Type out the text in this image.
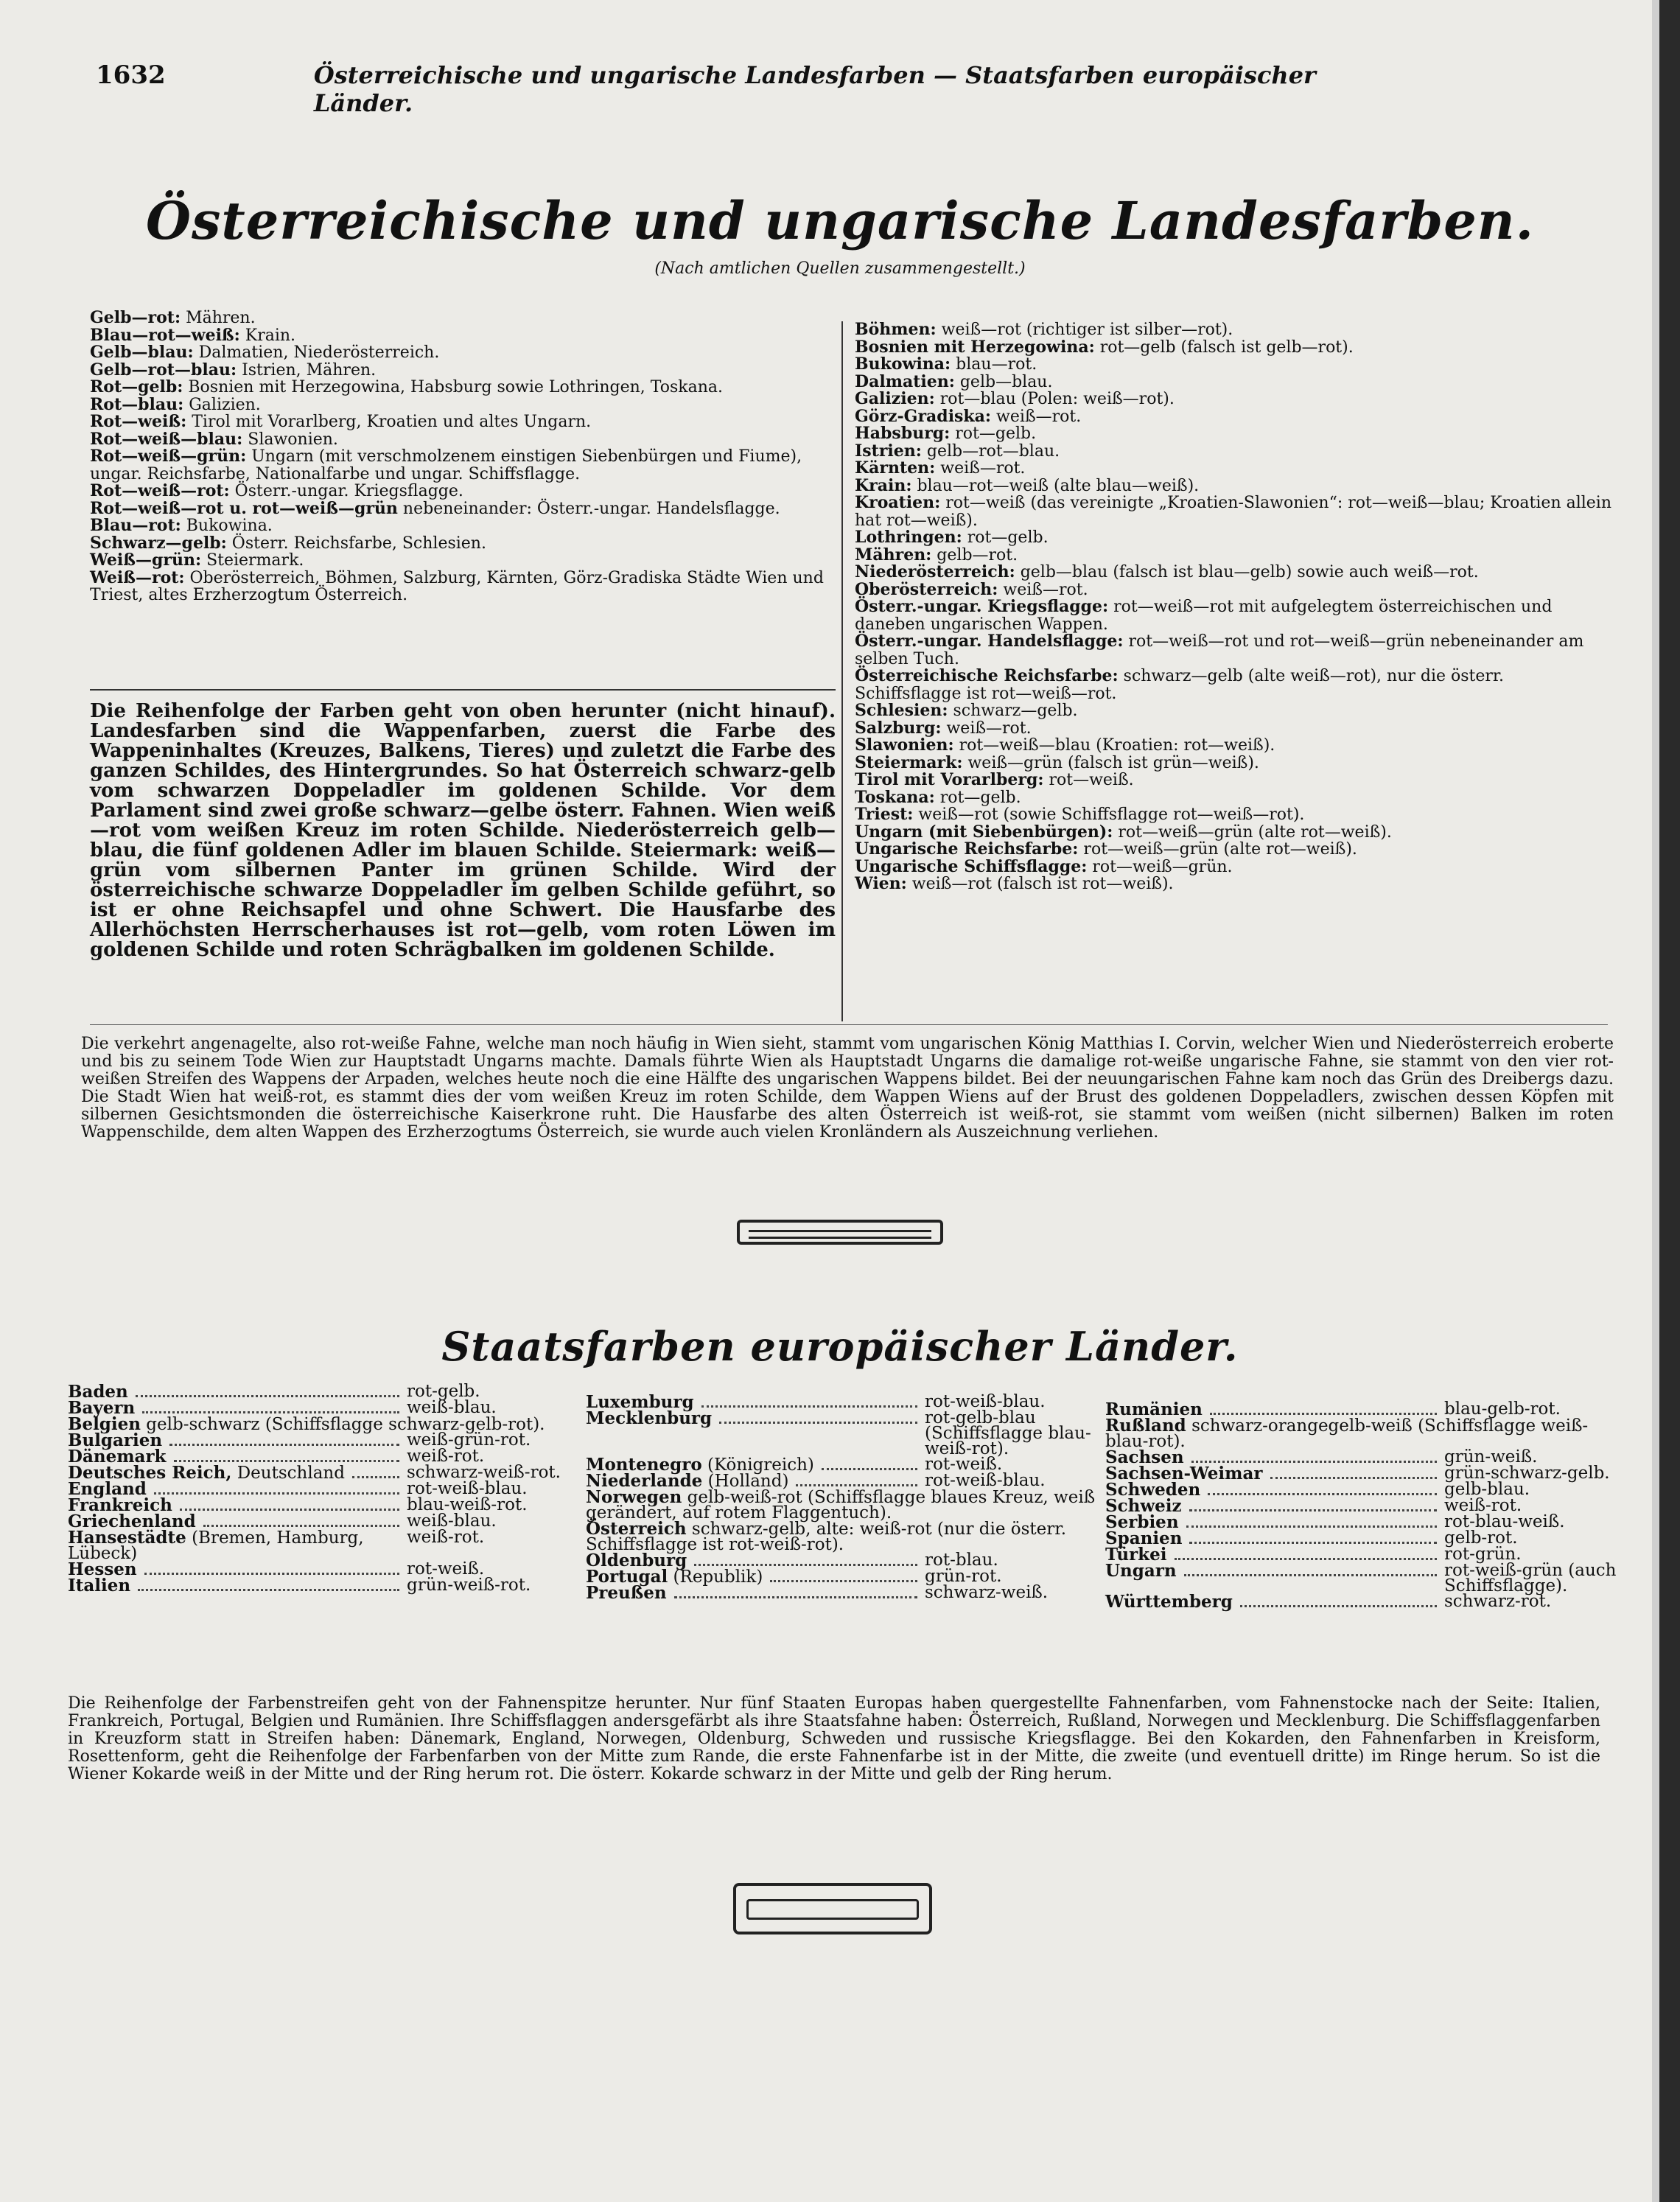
1632	Österreichische und ungarische Landesfarben — Staatsfarben europäischer Länder.
Österreichische und ungarische Landesfarben.
(Nach amtlichen Quellen zusammengestellt.)

Gelb—rot: Mähren.

Blau—rot—weiß: Krain.

Gelb—blau: Dalmatien, Niederösterreich.

Gelb—rot—blau: Istrien, Mähren.

Rot—gelb: Bosnien mit Herzegowina, Habsburg sowie Lothringen, Toskana.

Rot—blau: Galizien.

Rot—weiß: Tirol mit Vorarlberg, Kroatien und altes Ungarn.

Rot—weiß—blau: Slawonien.

Rot—weiß—grün: Ungarn (mit verschmolzenem einstigen Siebenbürgen und Fiume), ungar. Reichsfarbe, Nationalfarbe und ungar. Schiffsflagge.

Rot—weiß—rot: Österr.-ungar. Kriegsflagge.

Rot—weiß—rot u. rot—weiß—grün nebeneinander: Österr.-ungar. Handelsflagge.

Blau—rot: Bukowina.

Schwarz—gelb: Österr. Reichsfarbe, Schlesien.

Weiß—grün: Steiermark.

Weiß—rot: Oberösterreich, Böhmen, Salzburg, Kärnten, Görz-Gradiska Städte Wien und Triest, altes Erzherzogtum Österreich.

Böhmen: weiß—rot (richtiger ist silber—rot).

Bosnien mit Herzegowina: rot—gelb (falsch ist gelb—rot).

Bukowina: blau—rot.

Dalmatien: gelb—blau.

Galizien: rot—blau (Polen: weiß—rot).

Görz-Gradiska: weiß—rot.

Habsburg: rot—gelb.

Istrien: gelb—rot—blau.

Kärnten: weiß—rot.

Krain: blau—rot—weiß (alte blau—weiß).

Kroatien: rot—weiß (das vereinigte „Kroatien-Slawonien“: rot—weiß—blau; Kroatien allein hat rot—weiß).

Lothringen: rot—gelb.

Mähren: gelb—rot.

Niederösterreich: gelb—blau (falsch ist blau—gelb) sowie auch weiß—rot.

Oberösterreich: weiß—rot.

Österr.-ungar. Kriegsflagge: rot—weiß—rot mit aufgelegtem österreichischen und daneben ungarischen Wappen.

Österr.-ungar. Handelsflagge: rot—weiß—rot und rot—weiß—grün nebeneinander am selben Tuch.

Österreichische Reichsfarbe: schwarz—gelb (alte weiß—rot), nur die österr. Schiffsflagge ist rot—weiß—rot.

Schlesien: schwarz—gelb.

Salzburg: weiß—rot.

Slawonien: rot—weiß—blau (Kroatien: rot—weiß).

Steiermark: weiß—grün (falsch ist grün—weiß).

Tirol mit Vorarlberg: rot—weiß.

Toskana: rot—gelb.

Triest: weiß—rot (sowie Schiffsflagge rot—weiß—rot).

Ungarn (mit Siebenbürgen): rot—weiß—grün (alte rot—weiß).

Ungarische Reichsfarbe: rot—weiß—grün (alte rot—weiß).

Ungarische Schiffsflagge: rot—weiß—grün.

Wien: weiß—rot (falsch ist rot—weiß).

Die Reihenfolge der Farben geht von oben herunter (nicht hinauf). Landesfarben sind die Wappenfarben, zuerst die Farbe des Wappeninhaltes (Kreuzes, Balkens, Tieres) und zuletzt die Farbe des ganzen Schildes, des Hintergrundes. So hat Österreich schwarz-gelb vom schwarzen Doppeladler im goldenen Schilde. Vor dem Parlament sind zwei große schwarz—gelbe österr. Fahnen. Wien weiß—rot vom weißen Kreuz im roten Schilde. Niederösterreich gelb—blau, die fünf goldenen Adler im blauen Schilde. Steiermark: weiß—grün vom silbernen Panter im grünen Schilde. Wird der österreichische schwarze Doppeladler im gelben Schilde geführt, so ist er ohne Reichsapfel und ohne Schwert. Die Hausfarbe des Allerhöchsten Herrscherhauses ist rot—gelb, vom roten Löwen im goldenen Schilde und roten Schrägbalken im goldenen Schilde.
Die verkehrt angenagelte, also rot-weiße Fahne, welche man noch häufig in Wien sieht, stammt vom ungarischen König Matthias I. Corvin, welcher Wien und Niederösterreich eroberte und bis zu seinem Tode Wien zur Hauptstadt Ungarns machte. Damals führte Wien als Hauptstadt Ungarns die damalige rot-weiße ungarische Fahne, sie stammt von den vier rot-weißen Streifen des Wappens der Arpaden, welches heute noch die eine Hälfte des ungarischen Wappens bildet. Bei der neuungarischen Fahne kam noch das Grün des Dreibergs dazu. Die Stadt Wien hat weiß-rot, es stammt dies der vom weißen Kreuz im roten Schilde, dem Wappen Wiens auf der Brust des goldenen Doppeladlers, zwischen dessen Köpfen mit silbernen Gesichtsmonden die österreichische Kaiserkrone ruht. Die Hausfarbe des alten Österreich ist weiß-rot, sie stammt vom weißen (nicht silbernen) Balken im roten Wappenschilde, dem alten Wappen des Erzherzogtums Österreich, sie wurde auch vielen Kronländern als Auszeichnung verliehen.
Staatsfarben europäischer Länder.
Baden	rot-gelb.
Bayern	weiß-blau.
Belgien gelb-schwarz (Schiffsflagge schwarz-gelb-rot).
Bulgarien	weiß-grün-rot.
Dänemark	weiß-rot.
Deutsches Reich, Deutschland	schwarz-weiß-rot.
England	rot-weiß-blau.
Frankreich	blau-weiß-rot.
Griechenland	weiß-blau.
Hansestädte (Bremen, Hamburg, Lübeck)
weiß-rot.
Hessen	rot-weiß.
Italien	grün-weiß-rot.
Luxemburg	rot-weiß-blau.
Mecklenburg	rot-gelb-blau (Schiffsflagge blau-weiß-rot).
Montenegro (Königreich)	rot-weiß.
Niederlande (Holland)	rot-weiß-blau.
Norwegen gelb-weiß-rot (Schiffsflagge blaues Kreuz, weiß gerändert, auf rotem Flaggentuch).
Österreich schwarz-gelb, alte: weiß-rot (nur die österr. Schiffsflagge ist rot-weiß-rot).
Oldenburg	rot-blau.
Portugal (Republik)	grün-rot.
Preußen	schwarz-weiß.
Rumänien	blau-gelb-rot.
Rußland schwarz-orangegelb-weiß (Schiffsflagge weiß-blau-rot).
Sachsen	grün-weiß.
Sachsen-Weimar	grün-schwarz-gelb.
Schweden	gelb-blau.
Schweiz	weiß-rot.
Serbien	rot-blau-weiß.
Spanien	gelb-rot.
Türkei	rot-grün.
Ungarn	rot-weiß-grün (auch Schiffsflagge).
Württemberg	schwarz-rot.
Die Reihenfolge der Farbenstreifen geht von der Fahnenspitze herunter. Nur fünf Staaten Europas haben quergestellte Fahnenfarben, vom Fahnenstocke nach der Seite: Italien, Frankreich, Portugal, Belgien und Rumänien. Ihre Schiffsflaggen andersgefärbt als ihre Staatsfahne haben: Österreich, Rußland, Norwegen und Mecklenburg. Die Schiffsflaggenfarben in Kreuzform statt in Streifen haben: Dänemark, England, Norwegen, Oldenburg, Schweden und russische Kriegsflagge. Bei den Kokarden, den Fahnenfarben in Kreisform, Rosettenform, geht die Reihenfolge der Farbenfarben von der Mitte zum Rande, die erste Fahnenfarbe ist in der Mitte, die zweite (und eventuell dritte) im Ringe herum. So ist die Wiener Kokarde weiß in der Mitte und der Ring herum rot. Die österr. Kokarde schwarz in der Mitte und gelb der Ring herum.
